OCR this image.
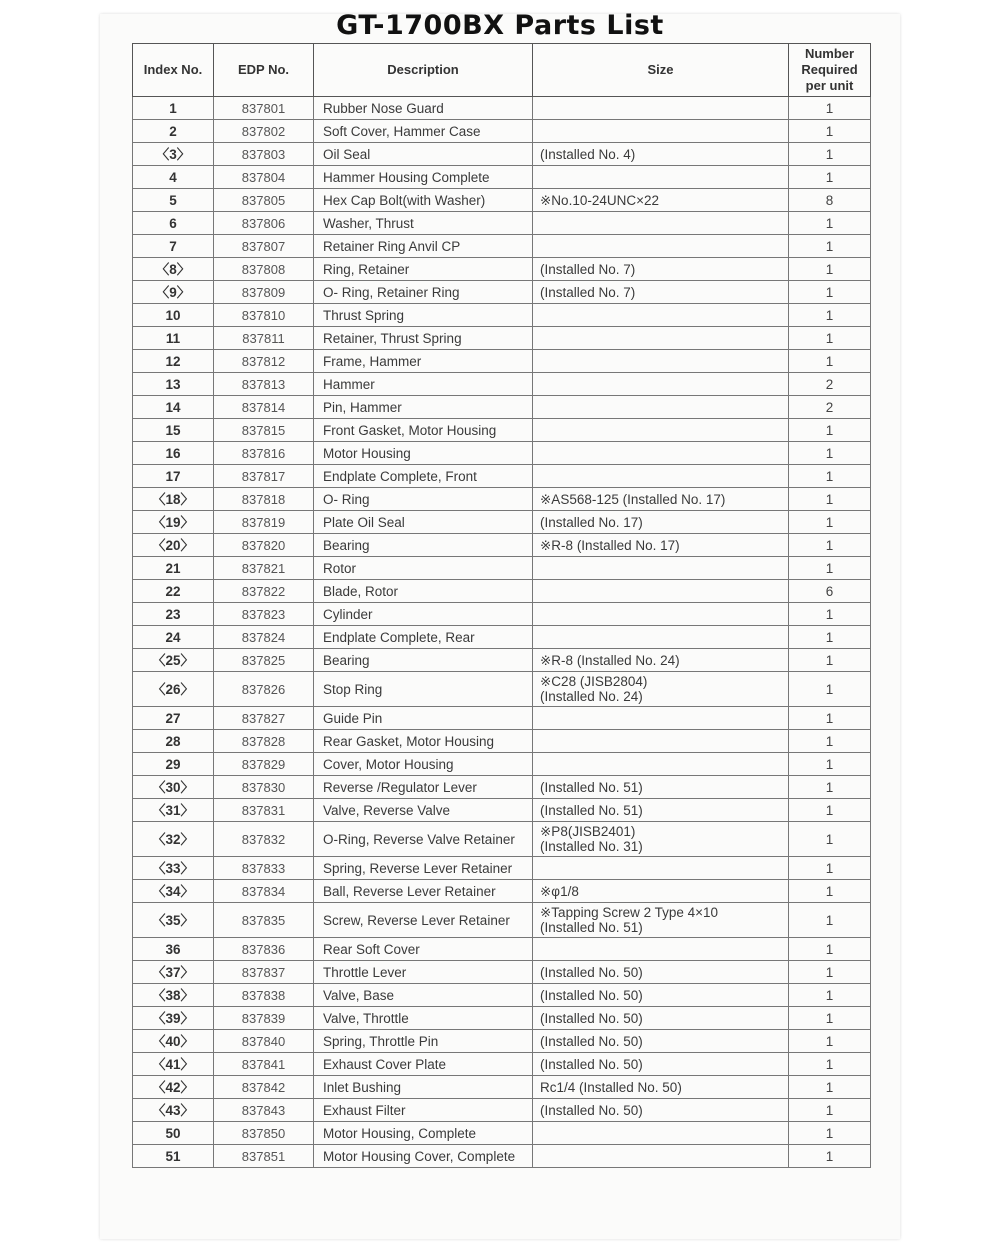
GT-1700BX Parts List
Index No.	EDP No.	Description	Size	Number
Required
per unit
1	837801	Rubber Nose Guard		1
2	837802	Soft Cover, Hammer Case		1
〈3〉	837803	Oil Seal	(Installed No. 4)	1
4	837804	Hammer Housing Complete		1
5	837805	Hex Cap Bolt(with Washer)	※No.10-24UNC×22	8
6	837806	Washer, Thrust		1
7	837807	Retainer Ring Anvil CP		1
〈8〉	837808	Ring, Retainer	(Installed No. 7)	1
〈9〉	837809	O- Ring, Retainer Ring	(Installed No. 7)	1
10	837810	Thrust Spring		1
11	837811	Retainer, Thrust Spring		1
12	837812	Frame, Hammer		1
13	837813	Hammer		2
14	837814	Pin, Hammer		2
15	837815	Front Gasket, Motor Housing		1
16	837816	Motor Housing		1
17	837817	Endplate Complete, Front		1
〈18〉	837818	O- Ring	※AS568-125 (Installed No. 17)	1
〈19〉	837819	Plate Oil Seal	(Installed No. 17)	1
〈20〉	837820	Bearing	※R-8 (Installed No. 17)	1
21	837821	Rotor		1
22	837822	Blade, Rotor		6
23	837823	Cylinder		1
24	837824	Endplate Complete, Rear		1
〈25〉	837825	Bearing	※R-8 (Installed No. 24)	1
〈26〉	837826	Stop Ring	※C28 (JISB2804)
(Installed No. 24)	1
27	837827	Guide Pin		1
28	837828	Rear Gasket, Motor Housing		1
29	837829	Cover, Motor Housing		1
〈30〉	837830	Reverse /Regulator Lever	(Installed No. 51)	1
〈31〉	837831	Valve, Reverse Valve	(Installed No. 51)	1
〈32〉	837832	O-Ring, Reverse Valve Retainer	※P8(JISB2401)
(Installed No. 31)	1
〈33〉	837833	Spring, Reverse Lever Retainer		1
〈34〉	837834	Ball, Reverse Lever Retainer	※φ1/8	1
〈35〉	837835	Screw, Reverse Lever Retainer	※Tapping Screw 2 Type 4×10
(Installed No. 51)	1
36	837836	Rear Soft Cover		1
〈37〉	837837	Throttle Lever	(Installed No. 50)	1
〈38〉	837838	Valve, Base	(Installed No. 50)	1
〈39〉	837839	Valve, Throttle	(Installed No. 50)	1
〈40〉	837840	Spring, Throttle Pin	(Installed No. 50)	1
〈41〉	837841	Exhaust Cover Plate	(Installed No. 50)	1
〈42〉	837842	Inlet Bushing	Rc1/4 (Installed No. 50)	1
〈43〉	837843	Exhaust Filter	(Installed No. 50)	1
50	837850	Motor Housing, Complete		1
51	837851	Motor Housing Cover, Complete		1
